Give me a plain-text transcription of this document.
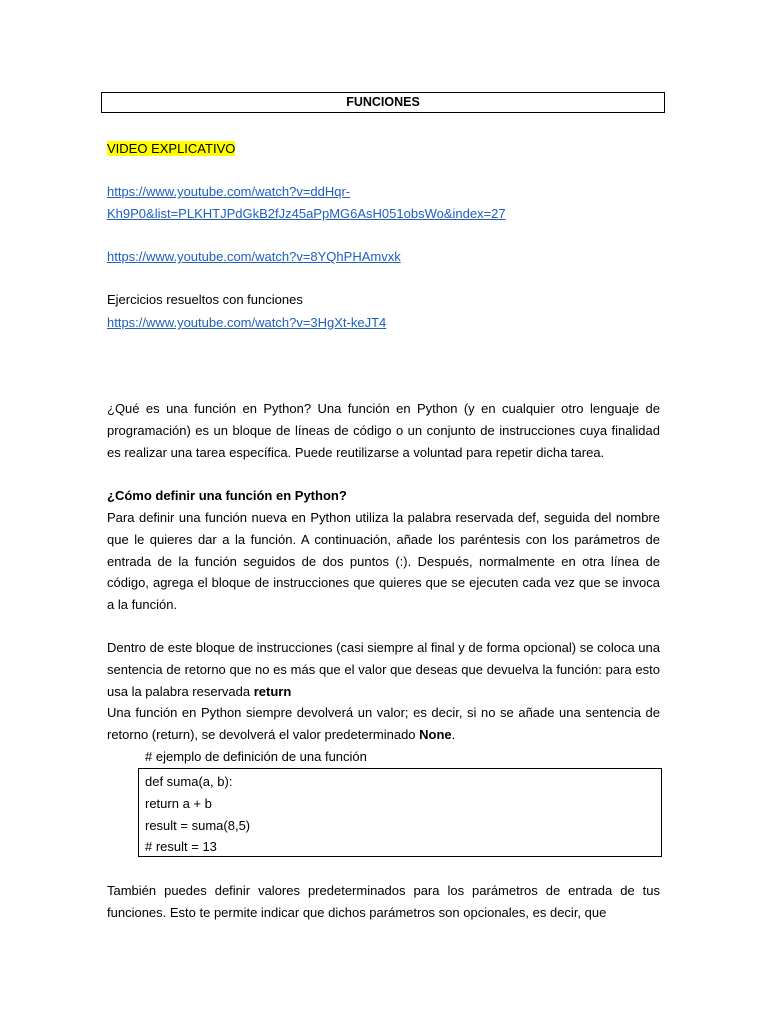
FUNCIONES
VIDEO EXPLICATIVO
https://www.youtube.com/watch?v=ddHqr-
Kh9P0&list=PLKHTJPdGkB2fJz45aPpMG6AsH051obsWo&index=27
https://www.youtube.com/watch?v=8YQhPHAmvxk
Ejercicios resueltos con funciones
https://www.youtube.com/watch?v=3HgXt-keJT4

¿Qué es una función en Python? Una función en Python (y en cualquier otro lenguaje de programación) es un bloque de líneas de código o un conjunto de instrucciones cuya finalidad es realizar una tarea específica. Puede reutilizarse a voluntad para repetir dicha tarea.

¿Cómo definir una función en Python?

Para definir una función nueva en Python utiliza la palabra reservada def, seguida del nombre que le quieres dar a la función. A continuación, añade los paréntesis con los parámetros de entrada de la función seguidos de dos puntos (:). Después, normalmente en otra línea de código, agrega el bloque de instrucciones que quieres que se ejecuten cada vez que se invoca a la función.

Dentro de este bloque de instrucciones (casi siempre al final y de forma opcional) se coloca una sentencia de retorno que no es más que el valor que deseas que devuelva la función: para esto usa la palabra reservada return

Una función en Python siempre devolverá un valor; es decir, si no se añade una sentencia de retorno (return), se devolverá el valor predeterminado None.

# ejemplo de definición de una función
def suma(a, b):
return a + b
result = suma(8,5)
# result = 13

También puedes definir valores predeterminados para los parámetros de entrada de tus funciones. Esto te permite indicar que dichos parámetros son opcionales, es decir, que
